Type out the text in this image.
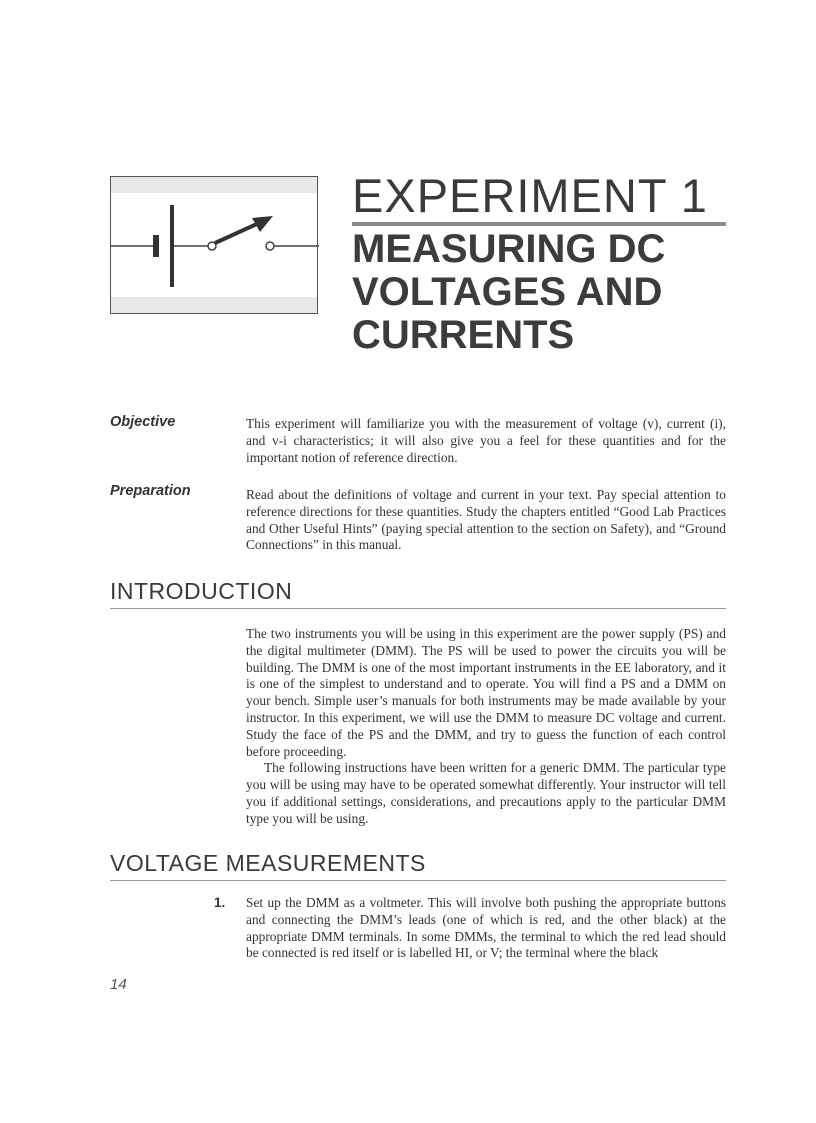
EXPERIMENT 1
MEASURING DC
VOLTAGES AND
CURRENTS
Objective	This experiment will familiarize you with the measurement of voltage (v), current (i), and v-i characteristics; it will also give you a feel for these quantities and for the important notion of reference direction.

Preparation	Read about the definitions of voltage and current in your text. Pay special attention to reference directions for these quantities. Study the chapters entitled “Good Lab Practices and Other Useful Hints” (paying special attention to the section on Safety), and “Ground Connections” in this manual.

INTRODUCTION

The two instruments you will be using in this experiment are the power supply (PS) and the digital multimeter (DMM). The PS will be used to power the circuits you will be building. The DMM is one of the most important instruments in the EE laboratory, and it is one of the simplest to understand and to operate. You will find a PS and a DMM on your bench. Simple user’s manuals for both instruments may be made available by your instructor. In this experiment, we will use the DMM to measure DC voltage and current. Study the face of the PS and the DMM, and try to guess the function of each control before proceeding.

The following instructions have been written for a generic DMM. The particular type you will be using may have to be operated somewhat differently. Your instructor will tell you if additional settings, considerations, and precautions apply to the particular DMM type you will be using.

VOLTAGE MEASUREMENTS

1. Set up the DMM as a voltmeter. This will involve both pushing the appropriate buttons and connecting the DMM’s leads (one of which is red, and the other black) at the appropriate DMM terminals. In some DMMs, the terminal to which the red lead should be connected is red itself or is labelled HI, or V; the terminal where the black

14
